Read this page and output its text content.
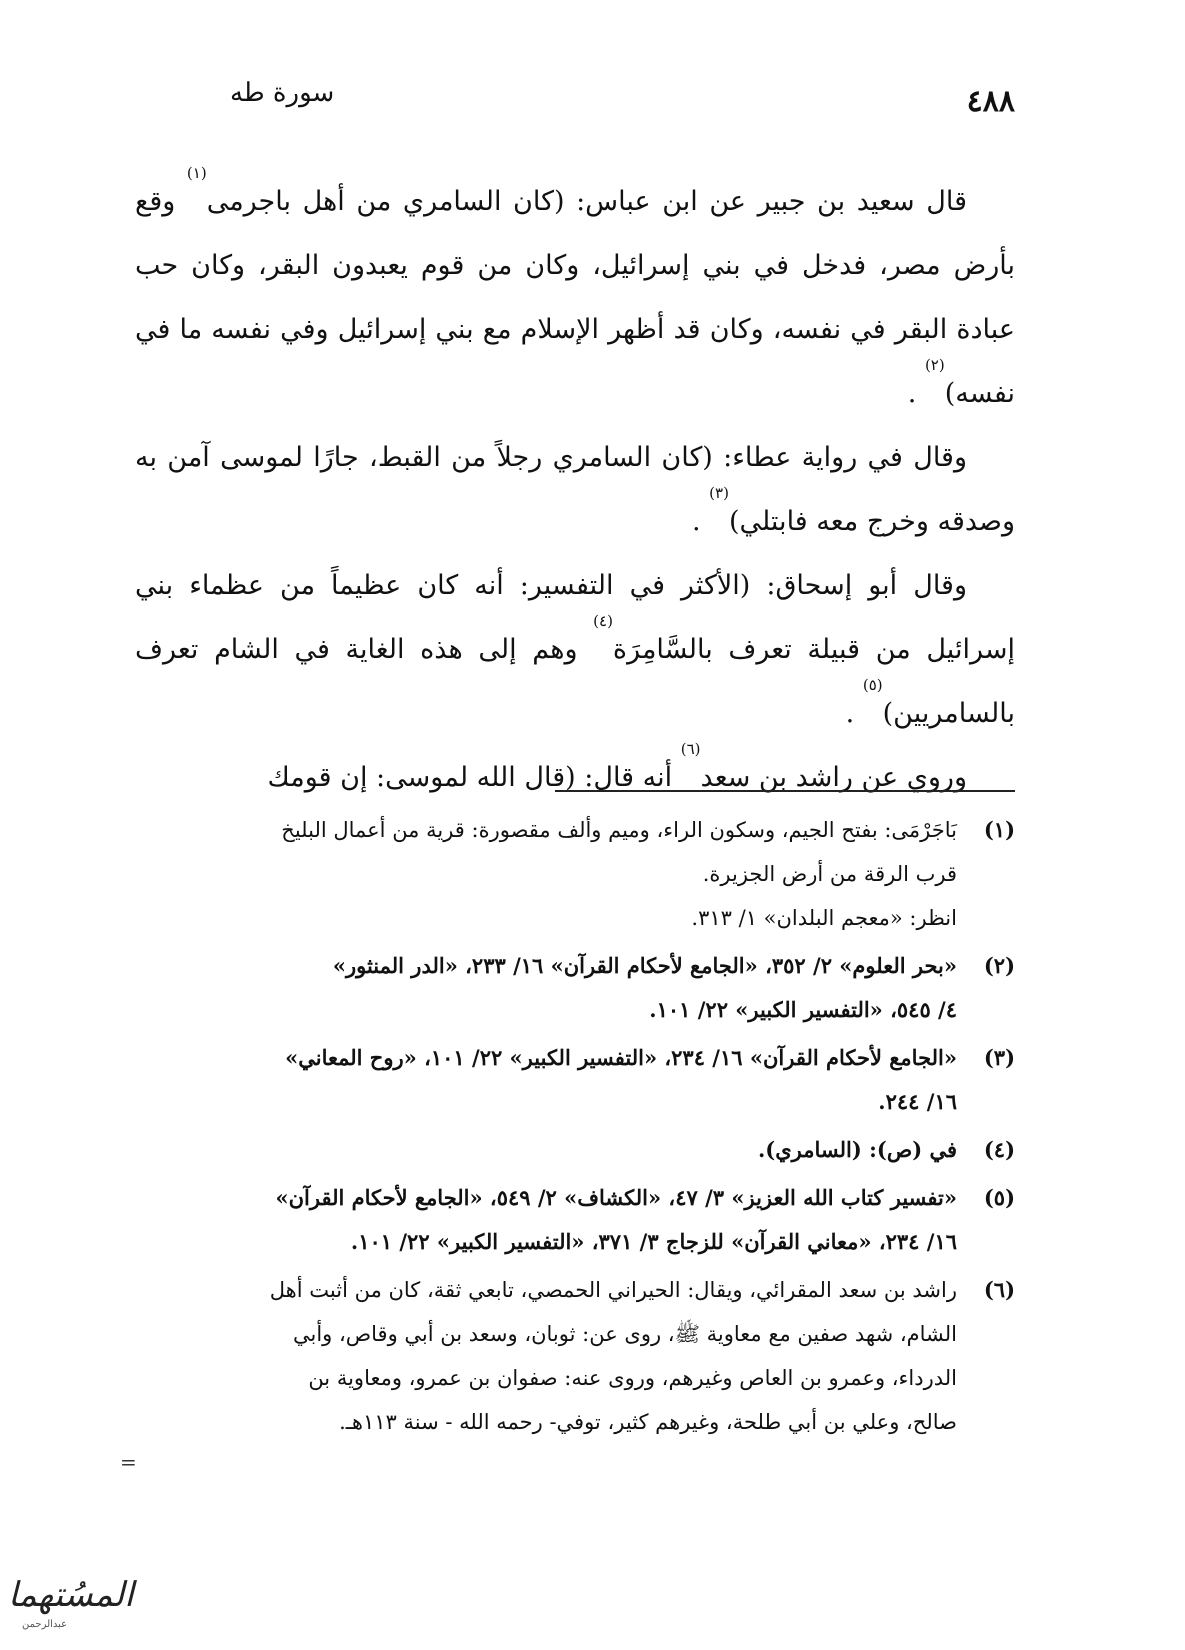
٤٨٨
سورة طه

قال سعيد بن جبير عن ابن عباس: (كان السامري من أهل باجرمى$^{(١)}$ وقع بأرض مصر، فدخل في بني إسرائيل، وكان من قوم يعبدون البقر، وكان حب عبادة البقر في نفسه، وكان قد أظهر الإسلام مع بني إسرائيل وفي نفسه ما في نفسه)$^{(٢)}$ .

وقال في رواية عطاء: (كان السامري رجلاً من القبط، جارًا لموسى آمن به وصدقه وخرج معه فابتلي)$^{(٣)}$ .

وقال أبو إسحاق: (الأكثر في التفسير: أنه كان عظيماً من عظماء بني إسرائيل من قبيلة تعرف بالسَّامِرَة$^{(٤)}$ وهم إلى هذه الغاية في الشام تعرف بالسامريين)$^{(٥)}$ .

وروي عن راشد بن سعد$^{(٦)}$ أنه قال: (قال الله لموسى: إن قومك

(١)
بَاجَرْمَى: بفتح الجيم، وسكون الراء، وميم وألف مقصورة: قرية من أعمال البليخ
قرب الرقة من أرض الجزيرة.
انظر: «معجم البلدان» ١/ ٣١٣.
(٢)
«بحر العلوم» ٢/ ٣٥٢، «الجامع لأحكام القرآن» ١٦/ ٢٣٣، «الدر المنثور»
٤/ ٥٤٥، «التفسير الكبير» ٢٢/ ١٠١.
(٣)
«الجامع لأحكام القرآن» ١٦/ ٢٣٤، «التفسير الكبير» ٢٢/ ١٠١، «روح المعاني»
١٦/ ٢٤٤.
(٤)
في (ص): (السامري).
(٥)
«تفسير كتاب الله العزيز» ٣/ ٤٧، «الكشاف» ٢/ ٥٤٩، «الجامع لأحكام القرآن»
١٦/ ٢٣٤، «معاني القرآن» للزجاج ٣/ ٣٧١، «التفسير الكبير» ٢٢/ ١٠١.
(٦)
راشد بن سعد المقرائي، ويقال: الحيراني الحمصي، تابعي ثقة، كان من أثبت أهل
الشام، شهد صفين مع معاوية ﷺ، روى عن: ثوبان، وسعد بن أبي وقاص، وأبي
الدرداء، وعمرو بن العاص وغيرهم، وروى عنه: صفوان بن عمرو، ومعاوية بن
صالح، وعلي بن أبي طلحة، وغيرهم كثير، توفي- رحمه الله - سنة ١١٣هـ.
=
المسُتهما
عبدالرحمن
